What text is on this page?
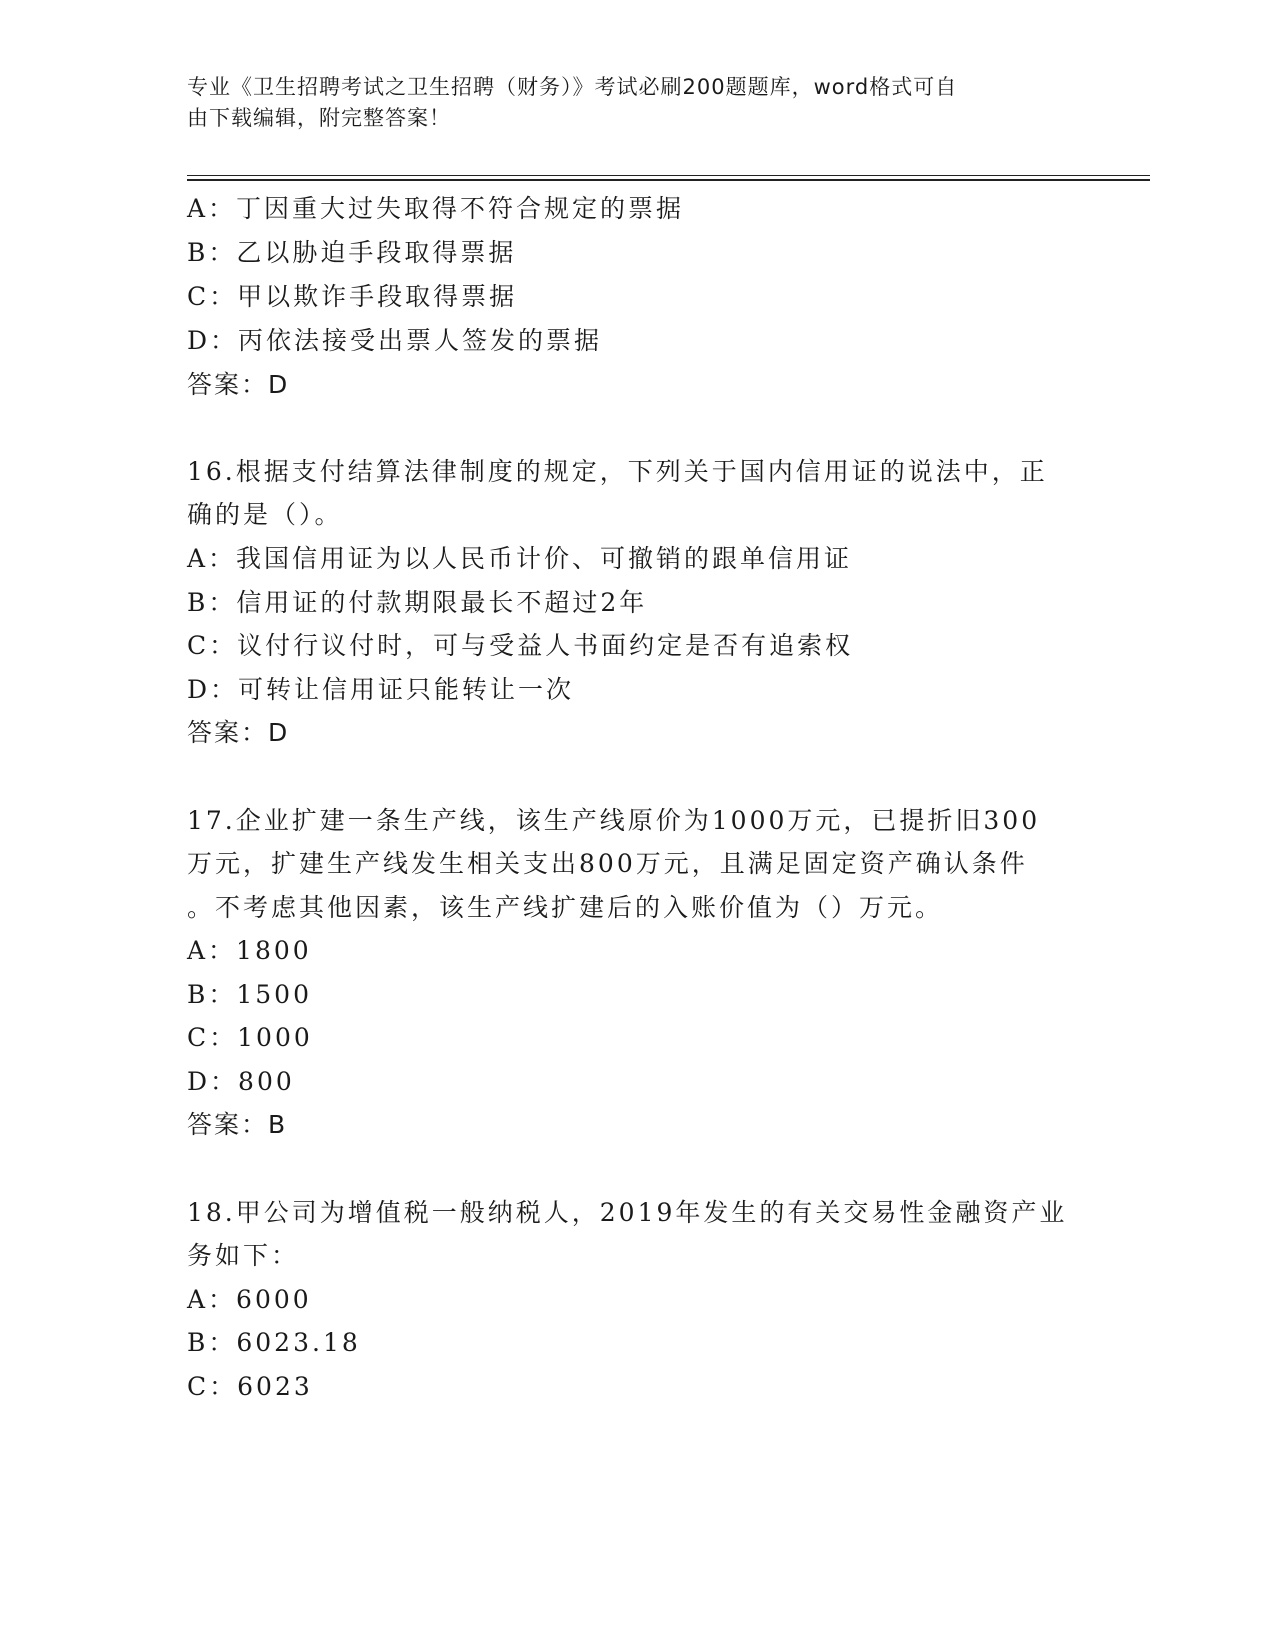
专业《卫生招聘考试之卫生招聘（财务）》考试必刷200题题库，word格式可自

由下载编辑，附完整答案！

A：丁因重大过失取得不符合规定的票据

B：乙以胁迫手段取得票据

C：甲以欺诈手段取得票据

D：丙依法接受出票人签发的票据

答案：D

16.根据支付结算法律制度的规定，下列关于国内信用证的说法中，正

确的是（）。

A：我国信用证为以人民币计价、可撤销的跟单信用证

B：信用证的付款期限最长不超过2年

C：议付行议付时，可与受益人书面约定是否有追索权

D：可转让信用证只能转让一次

答案：D

17.企业扩建一条生产线，该生产线原价为1000万元，已提折旧300

万元，扩建生产线发生相关支出800万元，且满足固定资产确认条件

。不考虑其他因素，该生产线扩建后的入账价值为（）万元。

A：1800

B：1500

C：1000

D：800

答案：B

18.甲公司为增值税一般纳税人，2019年发生的有关交易性金融资产业

务如下：

A：6000

B：6023.18

C：6023
